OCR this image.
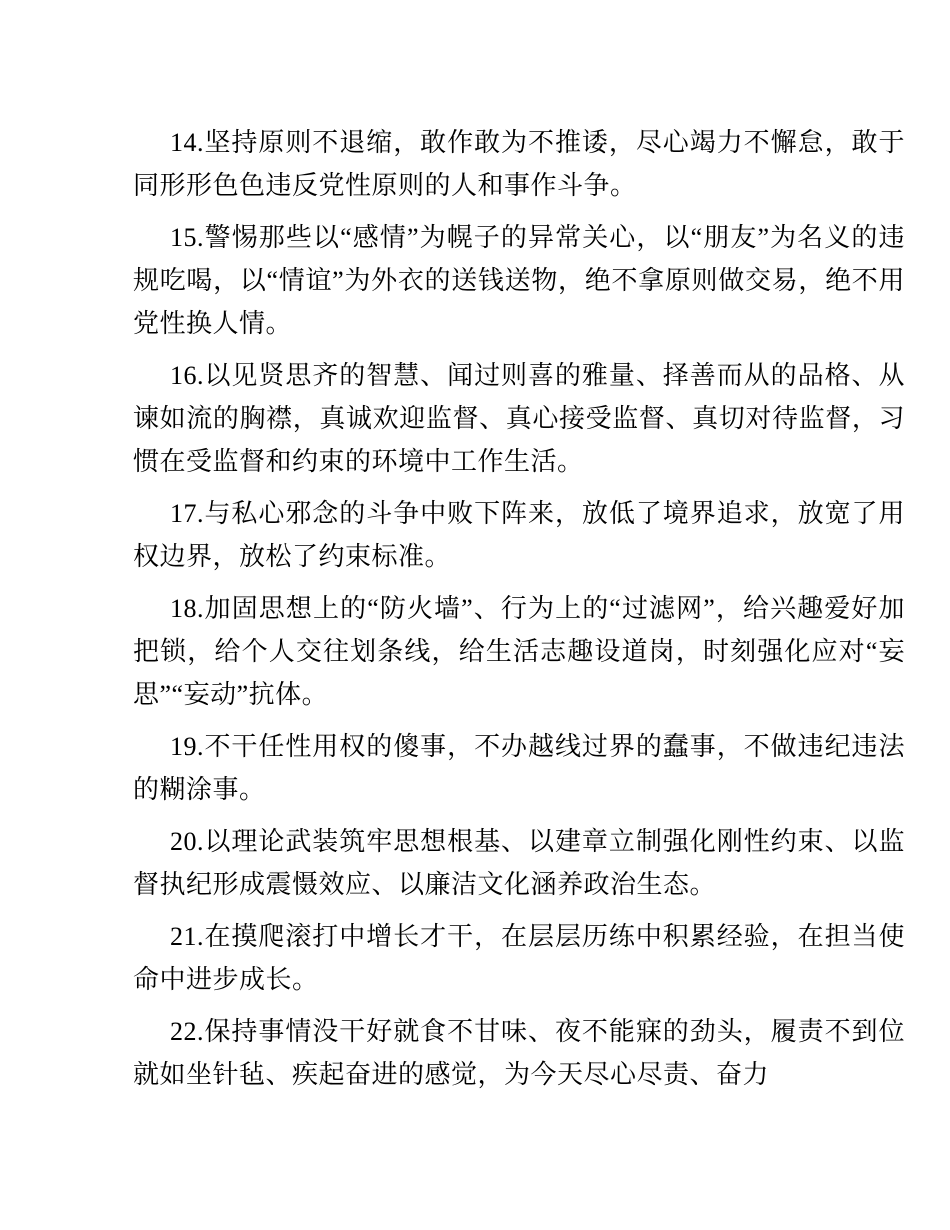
14.坚持原则不退缩，敢作敢为不推诿，尽心竭力不懈怠，敢于同形形色色违反党性原则的人和事作斗争。

15.警惕那些以“感情”为幌子的异常关心，以“朋友”为名义的违规吃喝，以“情谊”为外衣的送钱送物，绝不拿原则做交易，绝不用党性换人情。

16.以见贤思齐的智慧、闻过则喜的雅量、择善而从的品格、从谏如流的胸襟，真诚欢迎监督、真心接受监督、真切对待监督，习惯在受监督和约束的环境中工作生活。

17.与私心邪念的斗争中败下阵来，放低了境界追求，放宽了用权边界，放松了约束标准。

18.加固思想上的“防火墙”、行为上的“过滤网”，给兴趣爱好加把锁，给个人交往划条线，给生活志趣设道岗，时刻强化应对“妄思”“妄动”抗体。

19.不干任性用权的傻事，不办越线过界的蠢事，不做违纪违法的糊涂事。

20.以理论武装筑牢思想根基、以建章立制强化刚性约束、以监督执纪形成震慑效应、以廉洁文化涵养政治生态。

21.在摸爬滚打中增长才干，在层层历练中积累经验，在担当使命中进步成长。

22.保持事情没干好就食不甘味、夜不能寐的劲头，履责不到位就如坐针毡、疾起奋进的感觉，为今天尽心尽责、奋力
